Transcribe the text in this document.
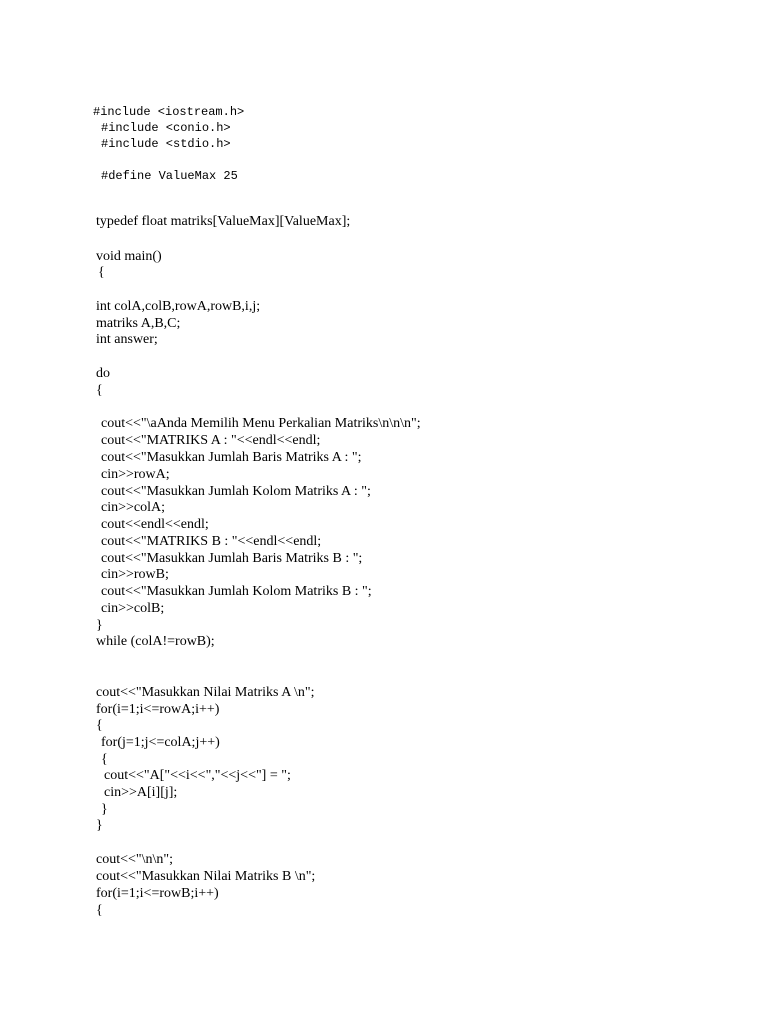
#include <iostream.h>
#include <conio.h>
#include <stdio.h>
#define ValueMax 25
typedef float matriks[ValueMax][ValueMax];
void main()
{
int colA,colB,rowA,rowB,i,j;
matriks A,B,C;
int answer;
do
{
cout<<"\aAnda Memilih Menu Perkalian Matriks\n\n\n";
cout<<"MATRIKS A : "<<endl<<endl;
cout<<"Masukkan Jumlah Baris Matriks A : ";
cin>>rowA;
cout<<"Masukkan Jumlah Kolom Matriks A : ";
cin>>colA;
cout<<endl<<endl;
cout<<"MATRIKS B : "<<endl<<endl;
cout<<"Masukkan Jumlah Baris Matriks B : ";
cin>>rowB;
cout<<"Masukkan Jumlah Kolom Matriks B : ";
cin>>colB;
}
while (colA!=rowB);
cout<<"Masukkan Nilai Matriks A \n";
for(i=1;i<=rowA;i++)
{
for(j=1;j<=colA;j++)
{
cout<<"A["<<i<<","<<j<<"] = ";
cin>>A[i][j];
}
}
cout<<"\n\n";
cout<<"Masukkan Nilai Matriks B \n";
for(i=1;i<=rowB;i++)
{
